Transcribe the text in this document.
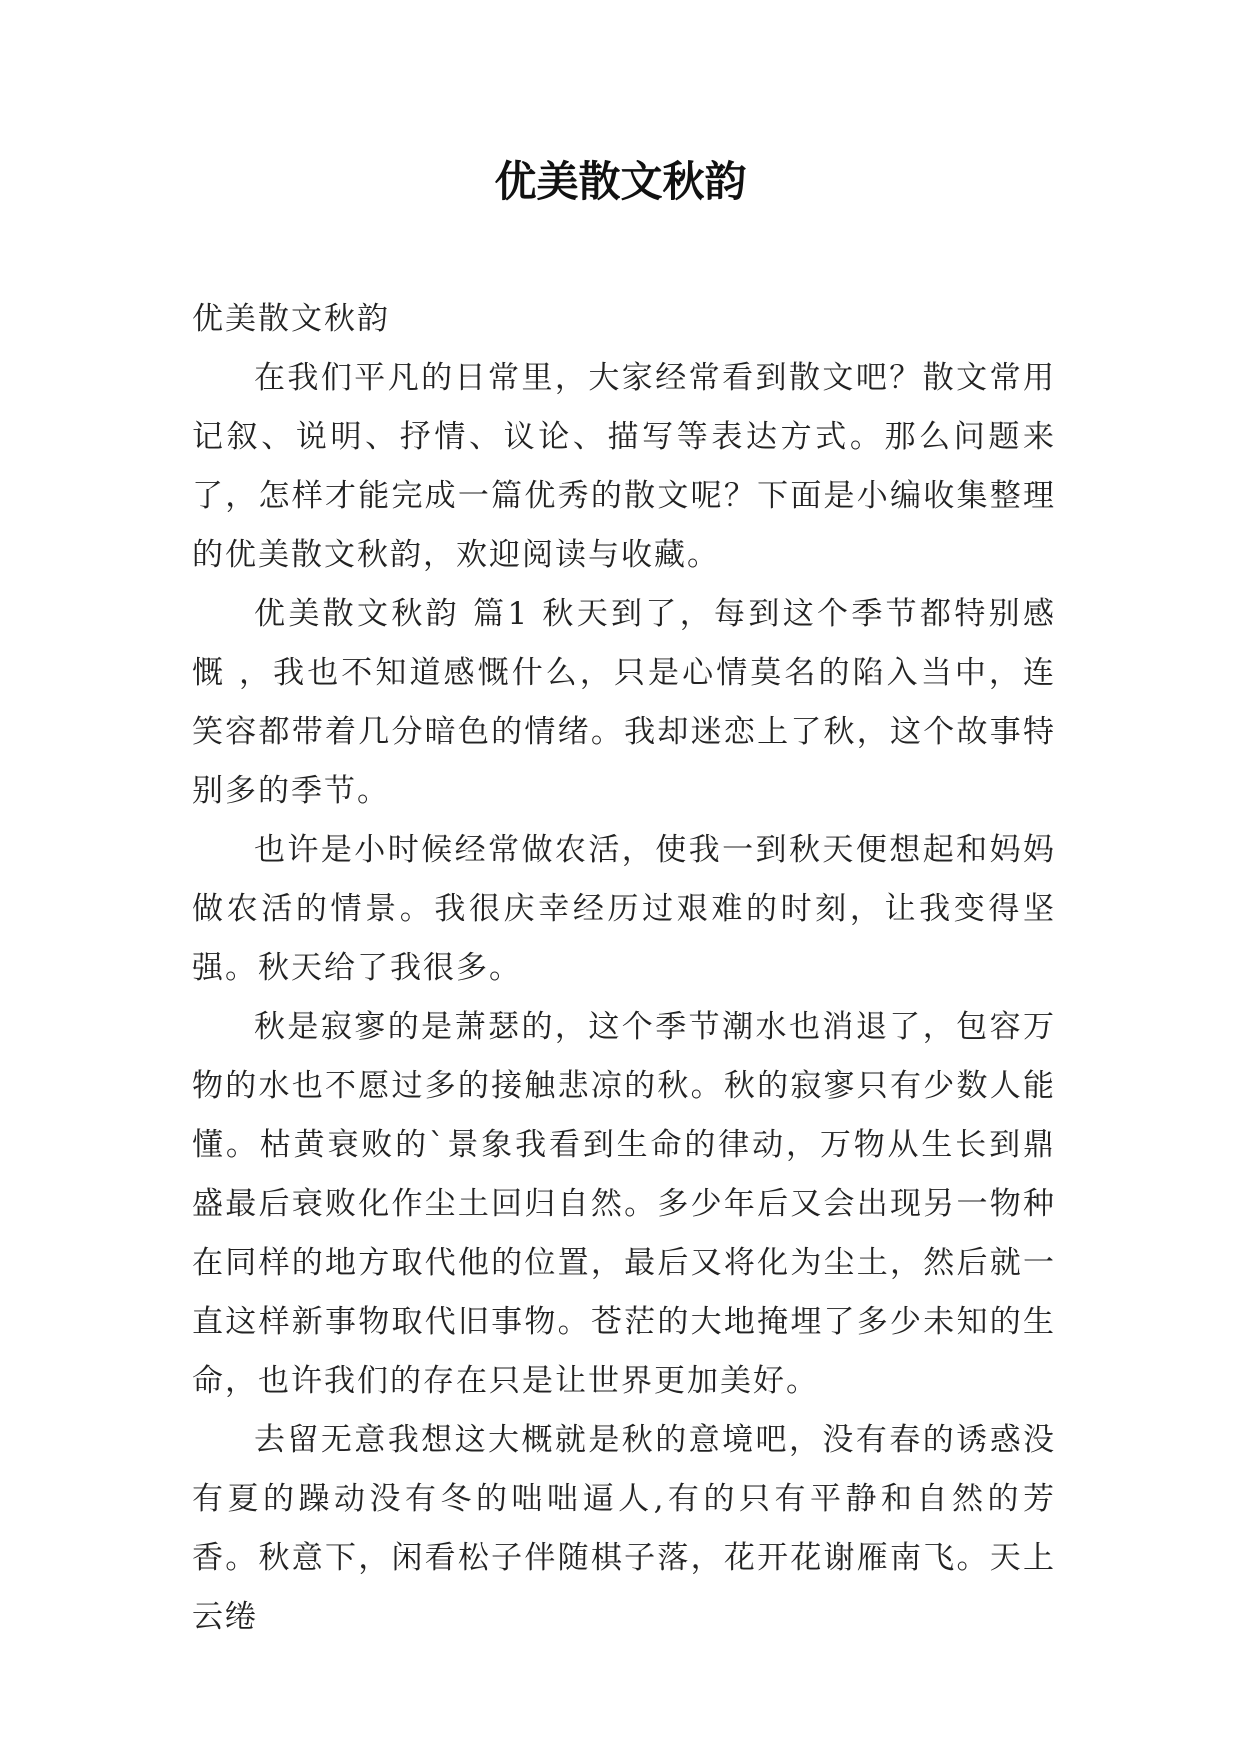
优美散文秋韵

优美散文秋韵

在我们平凡的日常里，大家经常看到散文吧？散文常用记叙、说明、抒情、议论、描写等表达方式。那么问题来了，怎样才能完成一篇优秀的散文呢？下面是小编收集整理的优美散文秋韵，欢迎阅读与收藏。

优美散文秋韵 篇1 秋天到了，每到这个季节都特别感慨 ，我也不知道感慨什么，只是心情莫名的陷入当中，连笑容都带着几分暗色的情绪。我却迷恋上了秋，这个故事特别多的季节。

也许是小时候经常做农活，使我一到秋天便想起和妈妈做农活的情景。我很庆幸经历过艰难的时刻，让我变得坚强。秋天给了我很多。

秋是寂寥的是萧瑟的，这个季节潮水也消退了，包容万物的水也不愿过多的接触悲凉的秋。秋的寂寥只有少数人能懂。枯黄衰败的`景象我看到生命的律动，万物从生长到鼎盛最后衰败化作尘土回归自然。多少年后又会出现另一物种在同样的地方取代他的位置，最后又将化为尘土，然后就一直这样新事物取代旧事物。苍茫的大地掩埋了多少未知的生命，也许我们的存在只是让世界更加美好。

去留无意我想这大概就是秋的意境吧，没有春的诱惑没有夏的躁动没有冬的咄咄逼人,有的只有平静和自然的芳香。秋意下，闲看松子伴随棋子落，花开花谢雁南飞。天上云绻
